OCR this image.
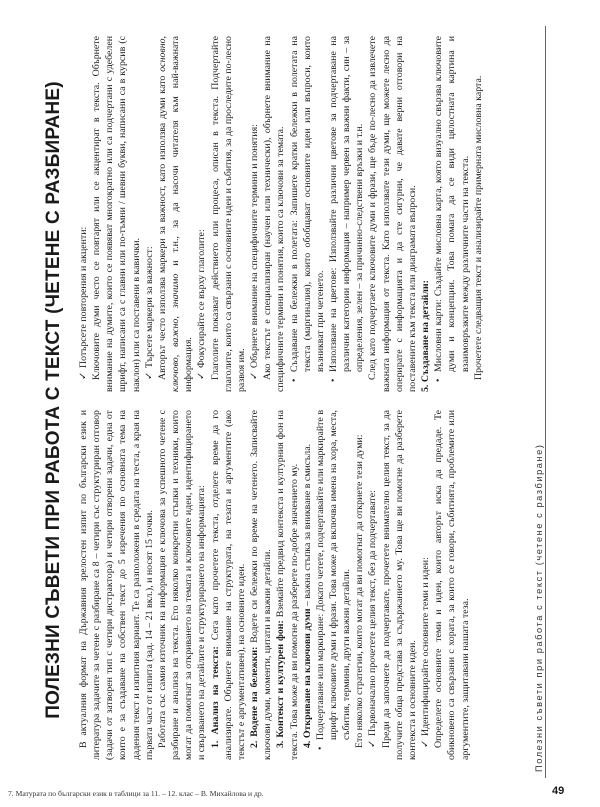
ПОЛЕЗНИ СЪВЕТИ ПРИ РАБОТА С ТЕКСТ (ЧЕТЕНЕ С РАЗБИРАНЕ) В актуалния формат на Държавния зрелостен изпит по български език и литература задачите за четене с разбиране са 8 – четири със структуриран отговор (задачи от затворен тип с четири дистрактора) и четири отворени задачи, една от които е за създаване на собствен текст до 5 изречения по основната тема на дадения текст и изпитния вариант. Те са разположени в средата на теста, а края на първата част от изпита (зад. 14 – 21 вкл.), и носят 15 точки. Работата със самия източник на информация е ключова за успешното четене с разбиране и анализа на текста. Ето няколко конкретни стъпки и техники, които могат да помогнат за откриването на темата и ключовите идеи, идентифицирането и свързването на детайлите и структурирането на информацията: 1. Анализ на текста: Сега като прочетете текста, отделете време да го анализирате. Обърнете внимание на структурата, на тезата и аргументите (ако текстът е аргументативен), на основните идеи. 2. Водене на бележки: Водете си бележки по време на четенето. Записвайте ключови думи, моменти, цитати и важни детайли. 3. Контекст и културен фон: Вземайте предвид контекста и културния фон на текста. Това може да ви помогне да разберете по-добре значението му. 4. Откриване на ключови думи – важна стъпка за вникване в смисъла. • Подчертаване или маркиране: Докато четете, подчертавайте или маркирайте в шрифт ключовите думи и фрази. Това може да включва имена на хора, места, събития, термини, други важни детайли. Ето няколко стратегии, които могат да ви помогнат да откриете тези думи: ✓Първоначално прочетете целия текст, без да подчертавате: Преди да започнете да подчертавате, прочетете внимателно целия текст, за да получите обща представа за съдържанието му. Това ще ви помогне да разберете контекста и основните идеи. ✓Идентифицирайте основните теми и идеи: Определете основните теми и идеи, които авторът иска да предаде. Те обикновено са свързани с хората, за които се говори, събитията, проблемите или аргументите, защитавани нашата теза.

✓Потърсете повторения и акценти: Ключовите думи често се повтарят или се акцентират в текста. Обърнете внимание на думите, които се появяват многократно или са подчертани с удебелен шрифт, написани са с главни или по-тъмни / шевни букви, написани са в курсив (с наклон) или са поставени в кавички. ✓Търсете маркери за важност: Авторът често използва маркери за важност, като използва думи като основно, ключово, важно, значимо и т.н., за да насочи читателя към най-важната информация. ✓Фокусирайте се върху глаголите: Глаголите показват действието или процеса, описан в текста. Подчертайте глаголите, които са свързани с основните идеи и събития, за да проследите по-лесно развоя им. ✓Обърнете внимание на специфичните термини и понятия: Ако текстът е специализиран (научен или технически), обърнете внимание на специфичните термини и понятия, които са ключови за темата. • Създаване на бележки в полетата: Запишете кратки бележки в полетата на текста (маргиналия), които обобщават основните идеи или въпроси, които възникват при четенето. • Използване на цветове: Използвайте различни цветове за подчертаване на различни категории информация – например червен за важни факти, син – за определения, зелен – за причинно-следствени връзки и т.н. След като подчертаете ключовите думи и фрази, ще бъде по-лесно да извлечете важната информация от текста. Като използвате тези думи, ще можете лесно да оперирате с информацията и да сте сигурни, че давате верни отговори на поставените към текста или диаграмата въпроси. 5. Създаване на детайли: • Мисловни карти: Създайте мисловна карта, която визуално свързва ключовите думи и концепции. Това помага да се види цялостната картина и взаимовръзките между различните части на текста. Прочетете следващия текст и анализирайте примерната мисловна карта.

Полезни съвети при работа с текст (четене с разбиране)
7. Матурата по български език в таблици за 11. – 12. клас – В. Михайлова и др.	49
